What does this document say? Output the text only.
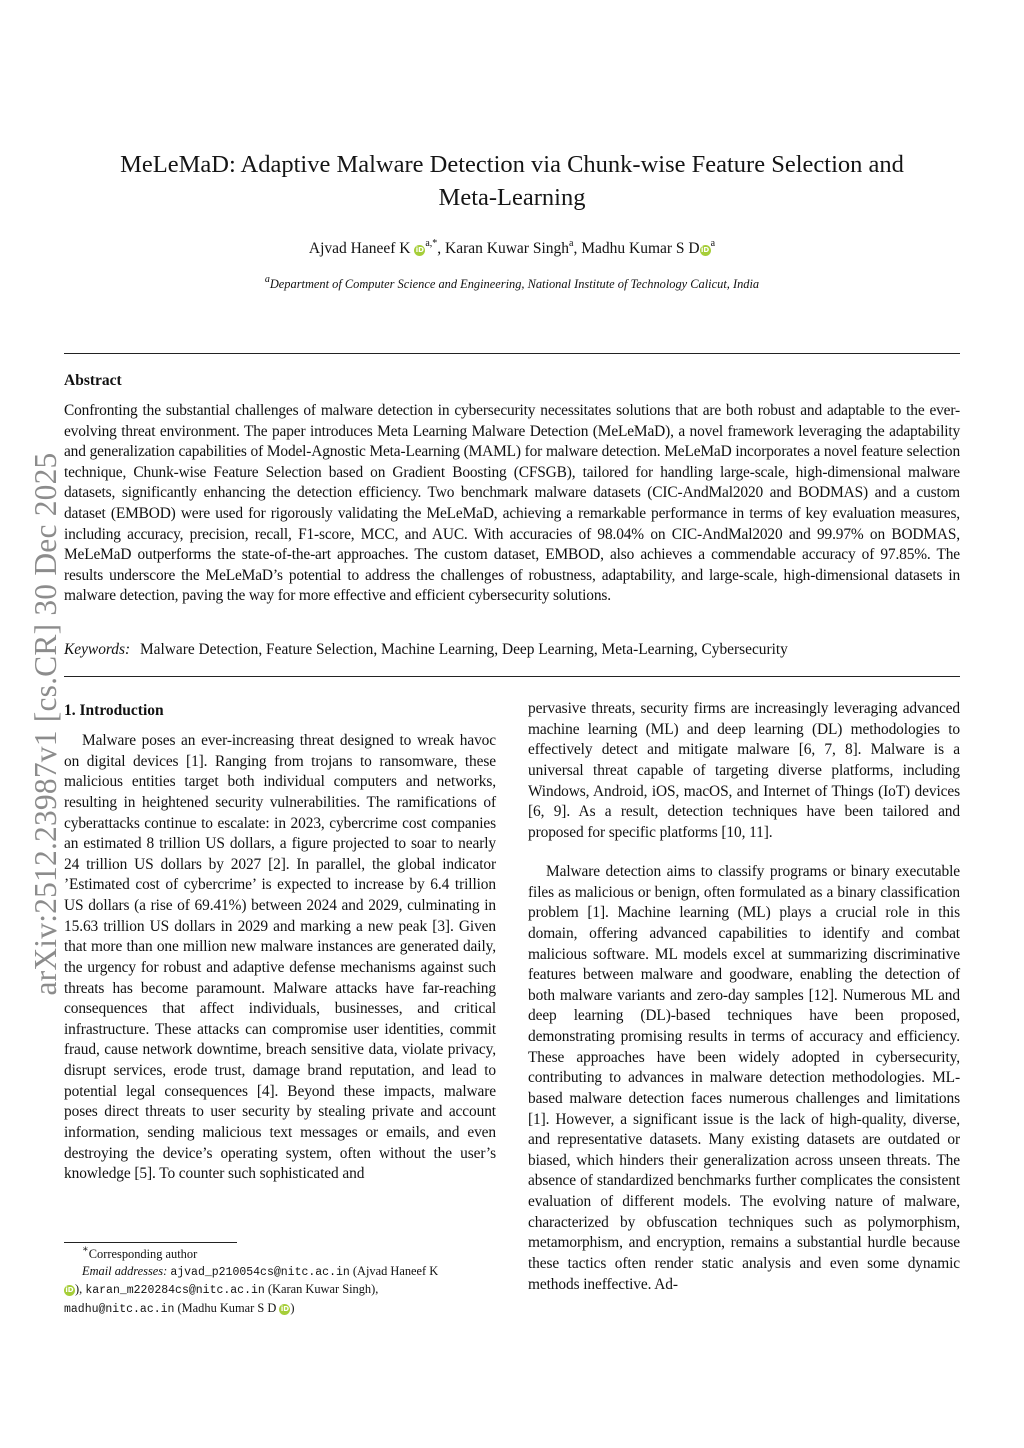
arXiv:2512.23987v1 [cs.CR] 30 Dec 2025
MeLeMaD: Adaptive Malware Detection via Chunk-wise Feature Selection and Meta-Learning
Ajvad Haneef K $iD^{a,*}$, Karan Kuwar Singh$^a$, Madhu Kumar S DiD$^a$
$^a$Department of Computer Science and Engineering, National Institute of Technology Calicut, India
Abstract
Confronting the substantial challenges of malware detection in cybersecurity necessitates solutions that are both robust and adaptable to the ever-evolving threat environment. The paper introduces Meta Learning Malware Detection (MeLeMaD), a novel framework leveraging the adaptability and generalization capabilities of Model-Agnostic Meta-Learning (MAML) for malware detection. MeLeMaD incorporates a novel feature selection technique, Chunk-wise Feature Selection based on Gradient Boosting (CFSGB), tailored for handling large-scale, high-dimensional malware datasets, significantly enhancing the detection efficiency. Two benchmark malware datasets (CIC-AndMal2020 and BODMAS) and a custom dataset (EMBOD) were used for rigorously validating the MeLeMaD, achieving a remarkable performance in terms of key evaluation measures, including accuracy, precision, recall, F1-score, MCC, and AUC. With accuracies of 98.04% on CIC-AndMal2020 and 99.97% on BODMAS, MeLeMaD outperforms the state-of-the-art approaches. The custom dataset, EMBOD, also achieves a commendable accuracy of 97.85%. The results underscore the MeLeMaD’s potential to address the challenges of robustness, adaptability, and large-scale, high-dimensional datasets in malware detection, paving the way for more effective and efficient cybersecurity solutions.
Keywords: Malware Detection, Feature Selection, Machine Learning, Deep Learning, Meta-Learning, Cybersecurity
1. Introduction

Malware poses an ever-increasing threat designed to wreak havoc on digital devices [1]. Ranging from trojans to ransomware, these malicious entities target both individual computers and networks, resulting in heightened security vulnerabilities. The ramifications of cyberattacks continue to escalate: in 2023, cybercrime cost companies an estimated 8 trillion US dollars, a figure projected to soar to nearly 24 trillion US dollars by 2027 [2]. In parallel, the global indicator ’Estimated cost of cybercrime’ is expected to increase by 6.4 trillion US dollars (a rise of 69.41%) between 2024 and 2029, culminating in 15.63 trillion US dollars in 2029 and marking a new peak [3]. Given that more than one million new malware instances are generated daily, the urgency for robust and adaptive defense mechanisms against such threats has become paramount. Malware attacks have far-reaching consequences that affect individuals, businesses, and critical infrastructure. These attacks can compromise user identities, commit fraud, cause network downtime, breach sensitive data, violate privacy, disrupt services, erode trust, damage brand reputation, and lead to potential legal consequences [4]. Beyond these impacts, malware poses direct threats to user security by stealing private and account information, sending malicious text messages or emails, and even destroying the device’s operating system, often without the user’s knowledge [5]. To counter such sophisticated and

pervasive threats, security firms are increasingly leveraging advanced machine learning (ML) and deep learning (DL) methodologies to effectively detect and mitigate malware [6, 7, 8]. Malware is a universal threat capable of targeting diverse platforms, including Windows, Android, iOS, macOS, and Internet of Things (IoT) devices [6, 9]. As a result, detection techniques have been tailored and proposed for specific platforms [10, 11].

Malware detection aims to classify programs or binary executable files as malicious or benign, often formulated as a binary classification problem [1]. Machine learning (ML) plays a crucial role in this domain, offering advanced capabilities to identify and combat malicious software. ML models excel at summarizing discriminative features between malware and goodware, enabling the detection of both malware variants and zero-day samples [12]. Numerous ML and deep learning (DL)-based techniques have been proposed, demonstrating promising results in terms of accuracy and efficiency. These approaches have been widely adopted in cybersecurity, contributing to advances in malware detection methodologies. ML-based malware detection faces numerous challenges and limitations [1]. However, a significant issue is the lack of high-quality, diverse, and representative datasets. Many existing datasets are outdated or biased, which hinders their generalization across unseen threats. The absence of standardized benchmarks further complicates the consistent evaluation of different models. The evolving nature of malware, characterized by obfuscation techniques such as polymorphism, metamorphism, and encryption, remains a substantial hurdle because these tactics often render static analysis and even some dynamic methods ineffective. Ad-

∗Corresponding author
Email addresses: ajvad_p210054cs@nitc.ac.in (Ajvad Haneef K
iD), karan_m220284cs@nitc.ac.in (Karan Kuwar Singh),
madhu@nitc.ac.in (Madhu Kumar S D iD)
